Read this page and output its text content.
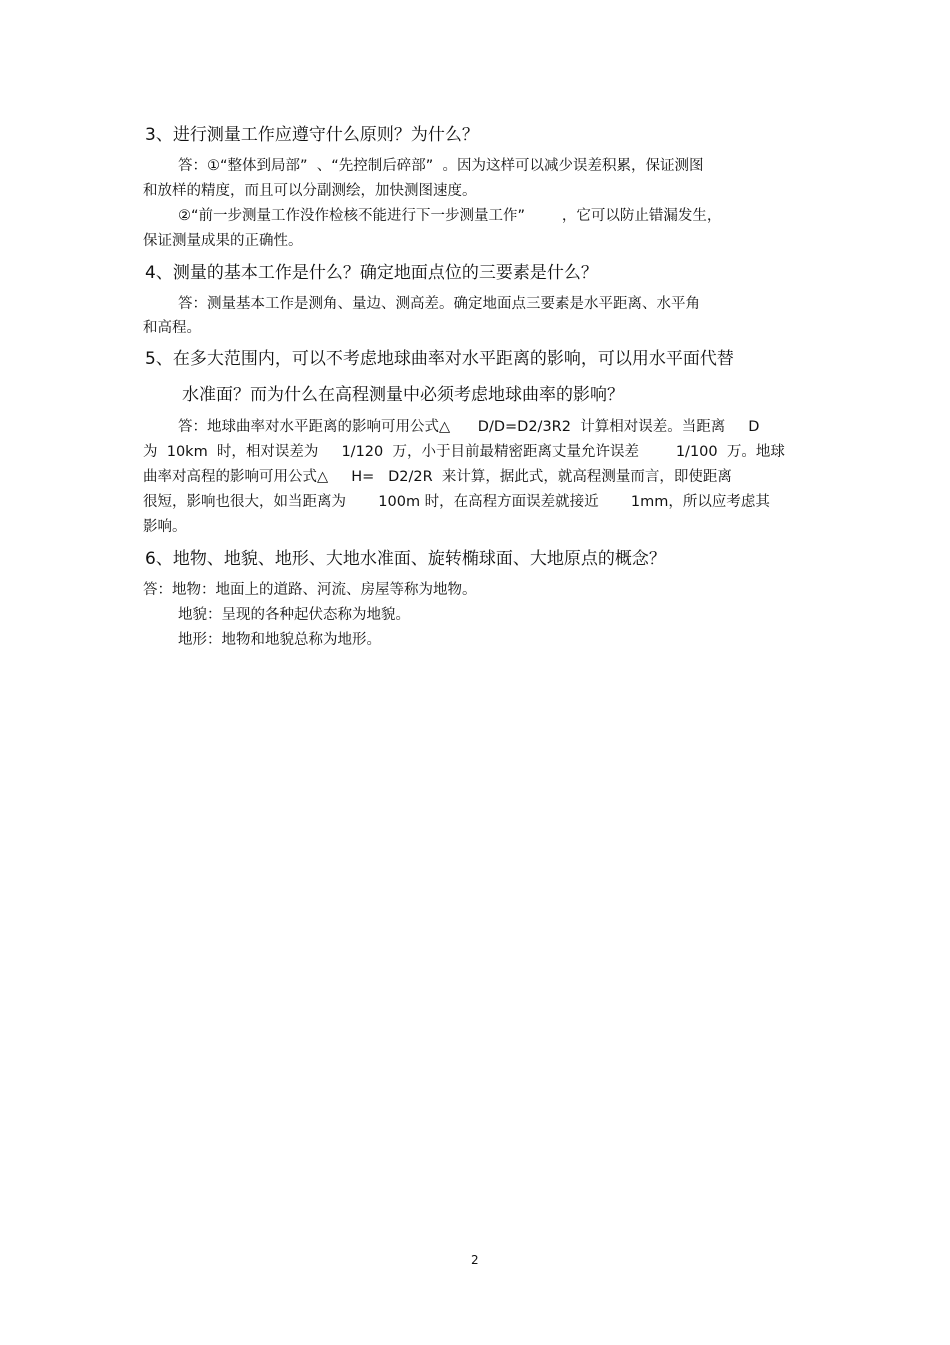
3、进行测量工作应遵守什么原则？为什么？
答：①“整体到局部”  、“先控制后碎部”  。因为这样可以减少误差积累，保证测图
和放样的精度，而且可以分副测绘，加快测图速度。
②“前一步测量工作没作检核不能进行下一步测量工作”        ，它可以防止错漏发生，
保证测量成果的正确性。
4、测量的基本工作是什么？确定地面点位的三要素是什么？
答：测量基本工作是测角、量边、测高差。确定地面点三要素是水平距离、水平角
和高程。
5、在多大范围内，可以不考虑地球曲率对水平距离的影响，可以用水平面代替
水准面？而为什么在高程测量中必须考虑地球曲率的影响？
答：地球曲率对水平距离的影响可用公式△      D/D=D2/3R2  计算相对误差。当距离     D
为  10km  时，相对误差为     1/120  万，小于目前最精密距离丈量允许误差        1/100  万。地球
曲率对高程的影响可用公式△     H=   D2/2R  来计算，据此式，就高程测量而言，即使距离
很短，影响也很大，如当距离为       100m 时，在高程方面误差就接近       1mm，所以应考虑其
影响。
6、地物、地貌、地形、大地水准面、旋转椭球面、大地原点的概念？
答：地物：地面上的道路、河流、房屋等称为地物。
地貌：呈现的各种起伏态称为地貌。
地形：地物和地貌总称为地形。
2
